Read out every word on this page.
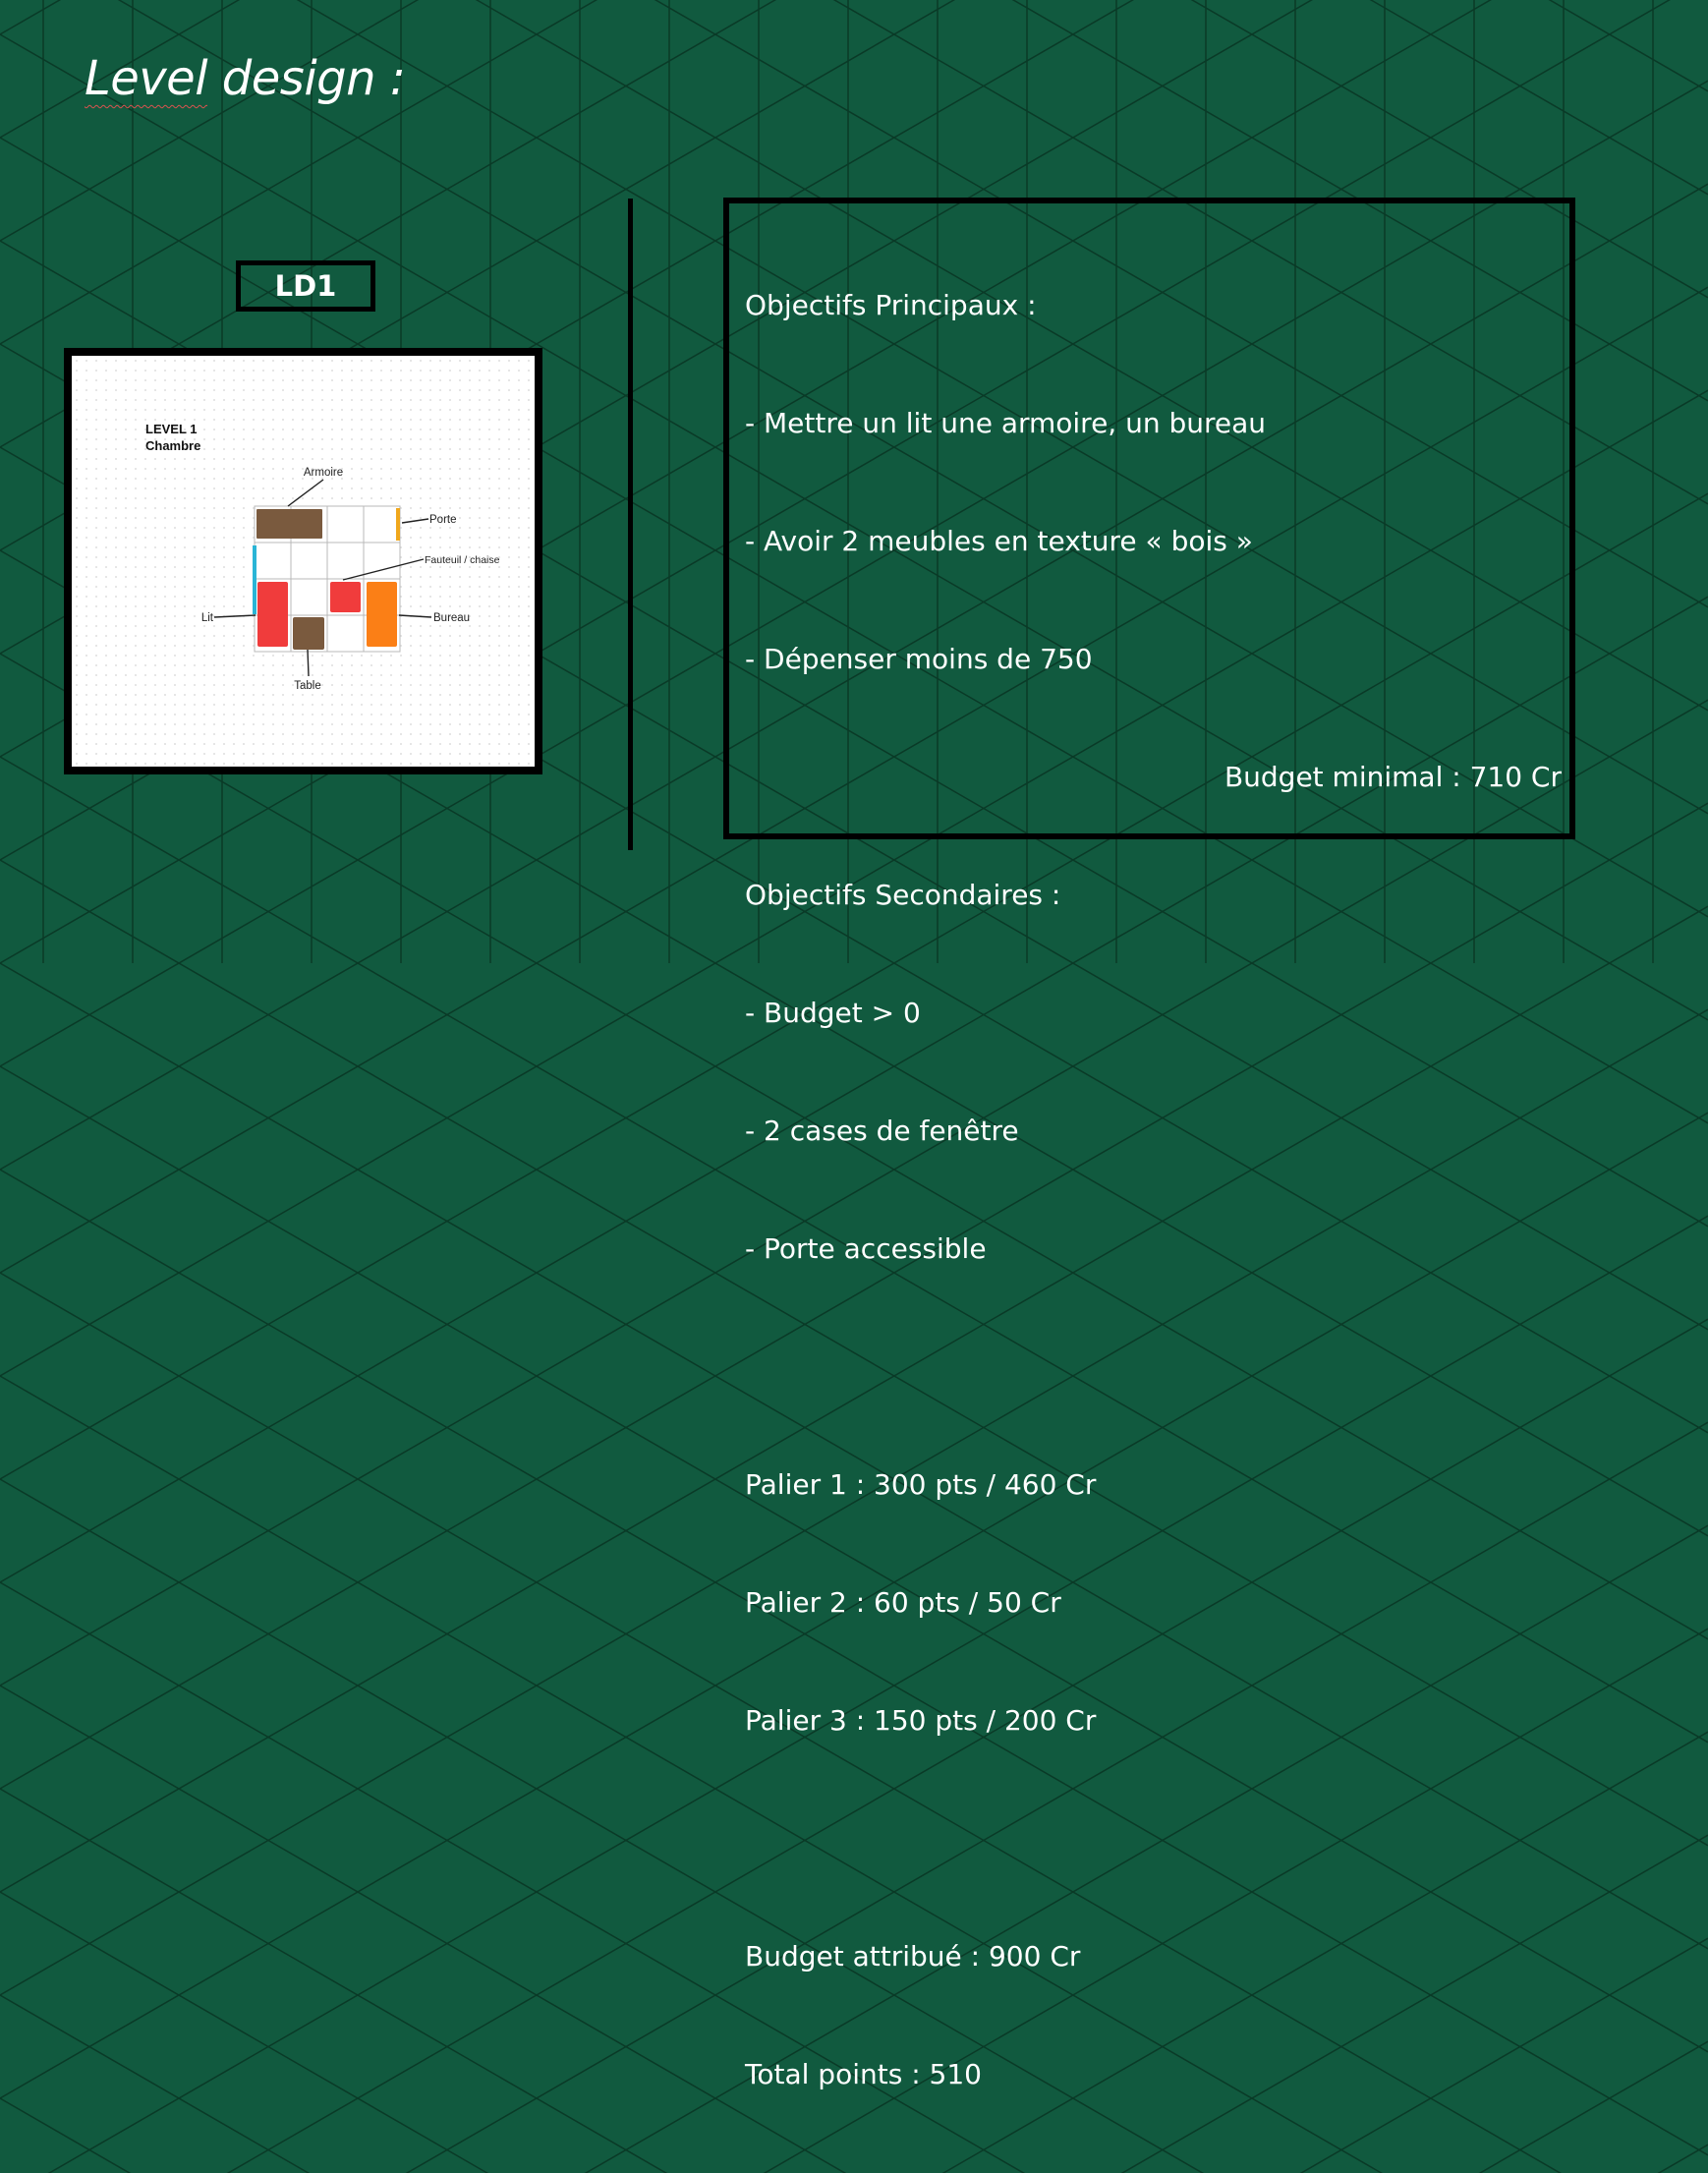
Level design :
LD1
LEVEL 1
Chambre
Armoire
Porte
Fauteuil / chaise
Lit	Bureau
Table

Objectifs Principaux :

- Mettre un lit une armoire, un bureau

- Avoir 2 meubles en texture « bois »

- Dépenser moins de 750

Objectifs Secondaires :

- Budget > 0

- 2 cases de fenêtre

- Porte accessible

Palier 1 : 300 pts / 460 Cr

Palier 2 : 60 pts / 50 Cr

Palier 3 : 150 pts / 200 Cr

Budget attribué : 900 Cr

Total points : 510

Budget minimal : 710 Cr
